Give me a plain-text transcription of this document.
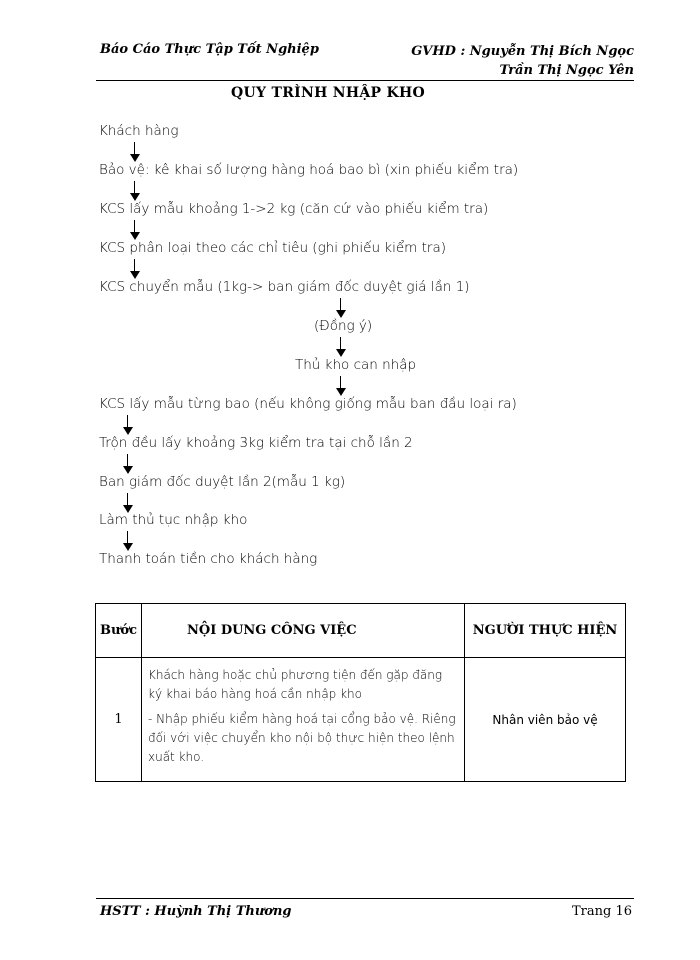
Báo Cáo Thực Tập Tốt Nghiệp	GVHD : Nguyễn Thị Bích Ngọc
Trần Thị Ngọc Yên
QUY TRÌNH NHẬP KHO
Khách hàng
Bảo vệ: kê khai số lượng hàng hoá bao bì (xin phiếu kiểm tra)
KCS lấy mẫu khoảng 1->2 kg (căn cứ vào phiếu kiểm tra)
KCS phân loại theo các chỉ tiêu (ghi phiếu kiểm tra)
KCS chuyển mẫu (1kg-> ban giám đốc duyệt giá lần 1)
(Đồng ý)
Thủ kho can nhập
KCS lấy mẫu từng bao (nếu không giống mẫu ban đầu loại ra)
Trộn đều lấy khoảng 3kg kiểm tra tại chỗ lần 2
Ban giám đốc duyệt lần 2(mẫu 1 kg)
Làm thủ tục nhập kho
Thanh toán tiền cho khách hàng
Bước	NỘI DUNG CÔNG VIỆC	NGƯỜI THỰC HIỆN
1	Khách hàng hoặc chủ phương tiện đến gặp đăng ký khai báo hàng hoá cần nhập kho

- Nhập phiếu kiểm hàng hoá tại cổng bảo vệ. Riêng đối với việc chuyển kho nội bộ thực hiện theo lệnh xuất kho.	Nhân viên bảo vệ
HSTT : Huỳnh Thị Thương	Trang 16
